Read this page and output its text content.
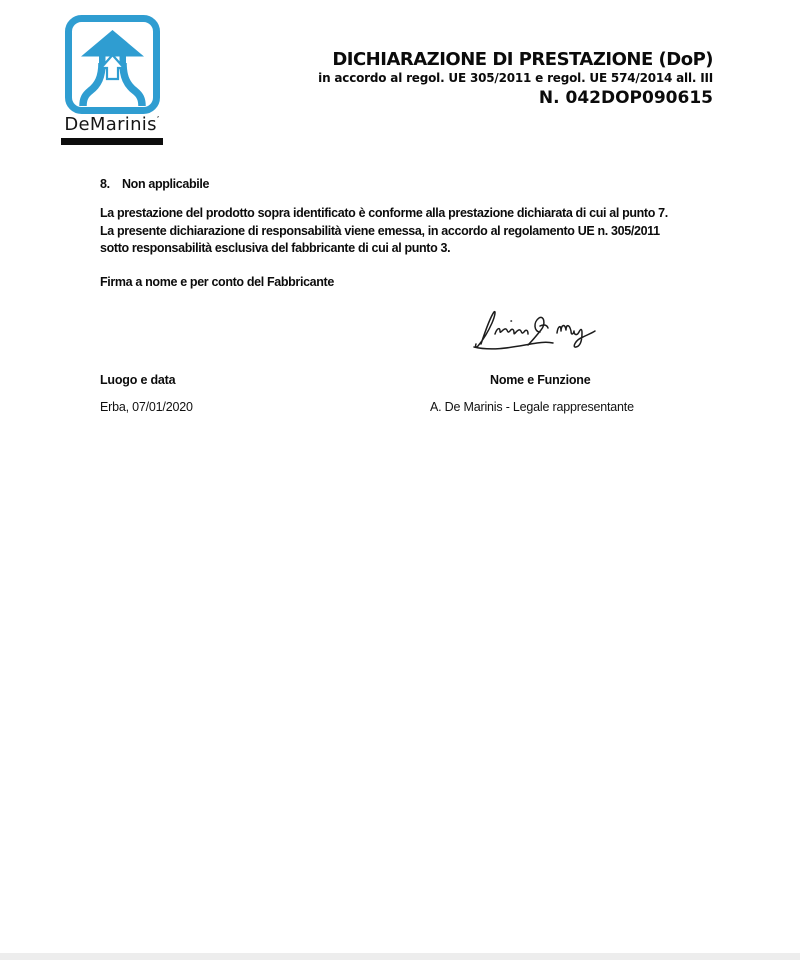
DeMarinis’
DICHIARAZIONE DI PRESTAZIONE (DoP)
in accordo al regol. UE 305/2011 e regol. UE 574/2014 all. III
N. 042DOP090615
8. Non applicabile
La prestazione del prodotto sopra identificato è conforme alla prestazione dichiarata di cui al punto 7.
La presente dichiarazione di responsabilità viene emessa, in accordo al regolamento UE n. 305/2011
sotto responsabilità esclusiva del fabbricante di cui al punto 3.
Firma a nome e per conto del Fabbricante
Luogo e data	Nome e Funzione
Erba, 07/01/2020	A. De Marinis - Legale rappresentante
